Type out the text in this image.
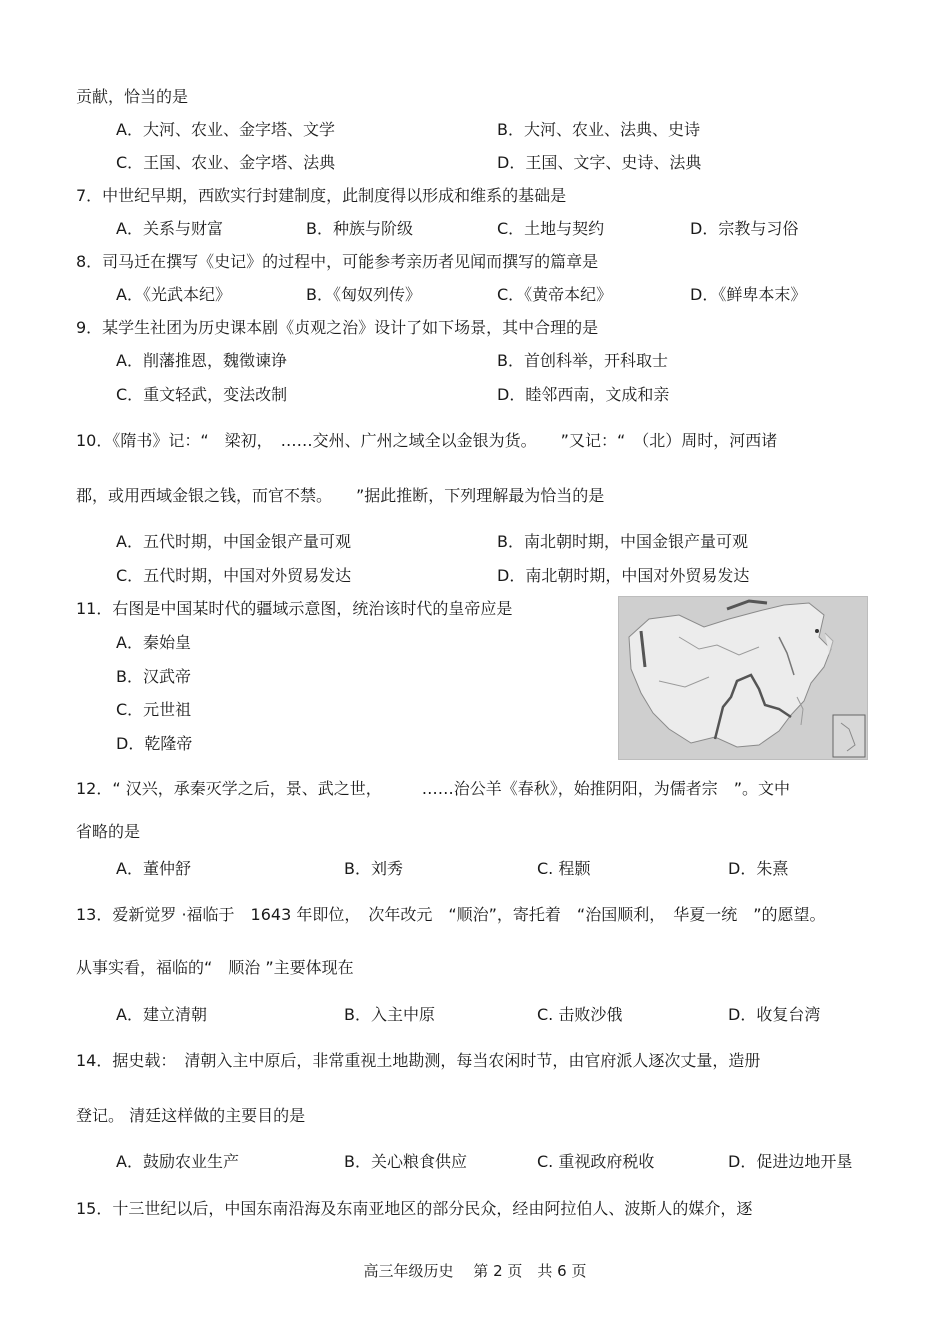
贡献，恰当的是
A．大河、农业、金字塔、文学	B．大河、农业、法典、史诗
C．王国、农业、金字塔、法典	D．王国、文字、史诗、法典
7．中世纪早期，西欧实行封建制度，此制度得以形成和维系的基础是
A．关系与财富	B．种族与阶级	C．土地与契约	D．宗教与习俗
8．司马迁在撰写《史记》的过程中，可能参考亲历者见闻而撰写的篇章是
A．《光武本纪》	B．《匈奴列传》	C．《黄帝本纪》	D．《鲜卑本末》
9．某学生社团为历史课本剧《贞观之治》设计了如下场景，其中合理的是
A．削藩推恩，魏徵谏诤	B．首创科举，开科取士
C．重文轻武，变法改制	D．睦邻西南，文成和亲
10．《隋书》记：“　梁初，　……交州、广州之域全以金银为货。　　”又记：“　（北）周时，河西诸
郡，或用西域金银之钱，而官不禁。　　”据此推断，下列理解最为恰当的是
A．五代时期，中国金银产量可观	B．南北朝时期，中国金银产量可观
C．五代时期，中国对外贸易发达	D．南北朝时期，中国对外贸易发达
11．右图是中国某时代的疆域示意图，统治该时代的皇帝应是
A．秦始皇
B．汉武帝
C．元世祖
D．乾隆帝
12．“ 汉兴，承秦灭学之后，景、武之世，　　　……治公羊《春秋》，始推阴阳，为儒者宗　”。文中
省略的是
A．董仲舒	B．刘秀	C. 程颢	D．朱熹
13．爱新觉罗 ·福临于　1643 年即位，　次年改元　“顺治”，寄托着　“治国顺利，　华夏一统　”的愿望。
从事实看，福临的“　顺治 ”主要体现在
A．建立清朝	B．入主中原	C. 击败沙俄	D．收复台湾
14．据史载：　清朝入主中原后，非常重视土地勘测，每当农闲时节，由官府派人逐次丈量，造册
登记。 清廷这样做的主要目的是
A．鼓励农业生产	B．关心粮食供应	C. 重视政府税收	D．促进边地开垦
15．十三世纪以后，中国东南沿海及东南亚地区的部分民众，经由阿拉伯人、波斯人的媒介，逐
高三年级历史　 第 2 页　共 6 页
